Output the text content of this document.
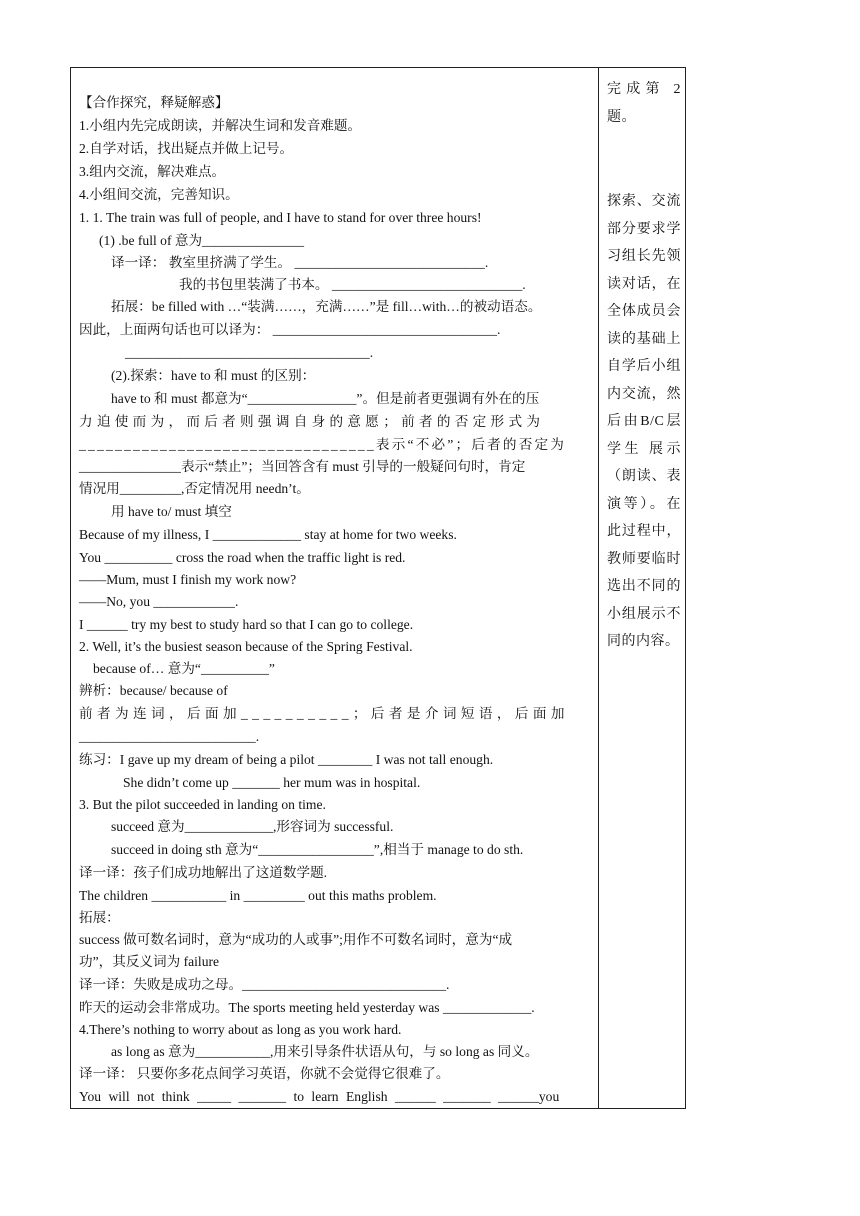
【合作探究，释疑解惑】
1.小组内先完成朗读，并解决生词和发音难题。
2.自学对话，找出疑点并做上记号。
3.组内交流，解决难点。
4.小组间交流，完善知识。
1. 1. The train was full of people, and I have to stand for over three hours!
(1) .be full of 意为_______________
译一译： 教室里挤满了学生。 ____________________________.
我的书包里装满了书本。 ____________________________.
拓展：be filled with …“装满……，充满……”是 fill…with…的被动语态。
因此，上面两句话也可以译为： _________________________________.
____________________________________.
(2).探索：have to 和 must 的区别：
have to 和 must 都意为“________________”。但是前者更强调有外在的压
力迫使而为，而后者则强调自身的意愿；前者的否定形式为
_________________________________表示“不必”；后者的否定为
_______________表示“禁止”；当回答含有 must 引导的一般疑问句时，肯定
情况用_________,否定情况用 needn’t。
用 have to/ must 填空
Because of my illness, I _____________ stay at home for two weeks.
You __________ cross the road when the traffic light is red.
——Mum, must I finish my work now?
——No, you ____________.
I ______ try my best to study hard so that I can go to college.
2. Well, it’s the busiest season because of the Spring Festival.
because of… 意为“__________”
辨析：because/ because of
前者为连词，后面加__________；后者是介词短语，后面加
__________________________.
练习：I gave up my dream of being a pilot ________ I was not tall enough.
She didn’t come up _______ her mum was in hospital.
3. But the pilot succeeded in landing on time.
succeed 意为_____________,形容词为 successful.
succeed in doing sth 意为“_________________”,相当于 manage to do sth.
译一译：孩子们成功地解出了这道数学题.
The children ___________ in _________ out this maths problem.
拓展：
success 做可数名词时，意为“成功的人或事”;用作不可数名词时，意为“成
功”，其反义词为 failure
译一译：失败是成功之母。______________________________.
昨天的运动会非常成功。The sports meeting held yesterday was _____________.
4.There’s nothing to worry about as long as you work hard.
as long as 意为___________,用来引导条件状语从句，与 so long as 同义。
译一译： 只要你多花点间学习英语，你就不会觉得它很难了。
You will not think _____ _______ to learn English ______ _______ ______you
完成第 2 题。
探索、交流部分要求学习组长先领读对话，在全体成员会读的基础上自学后小组内交流，然后由B/C层学生 展示（朗读、表演等）。在此过程中，教师要临时选出不同的小组展示不同的内容。
